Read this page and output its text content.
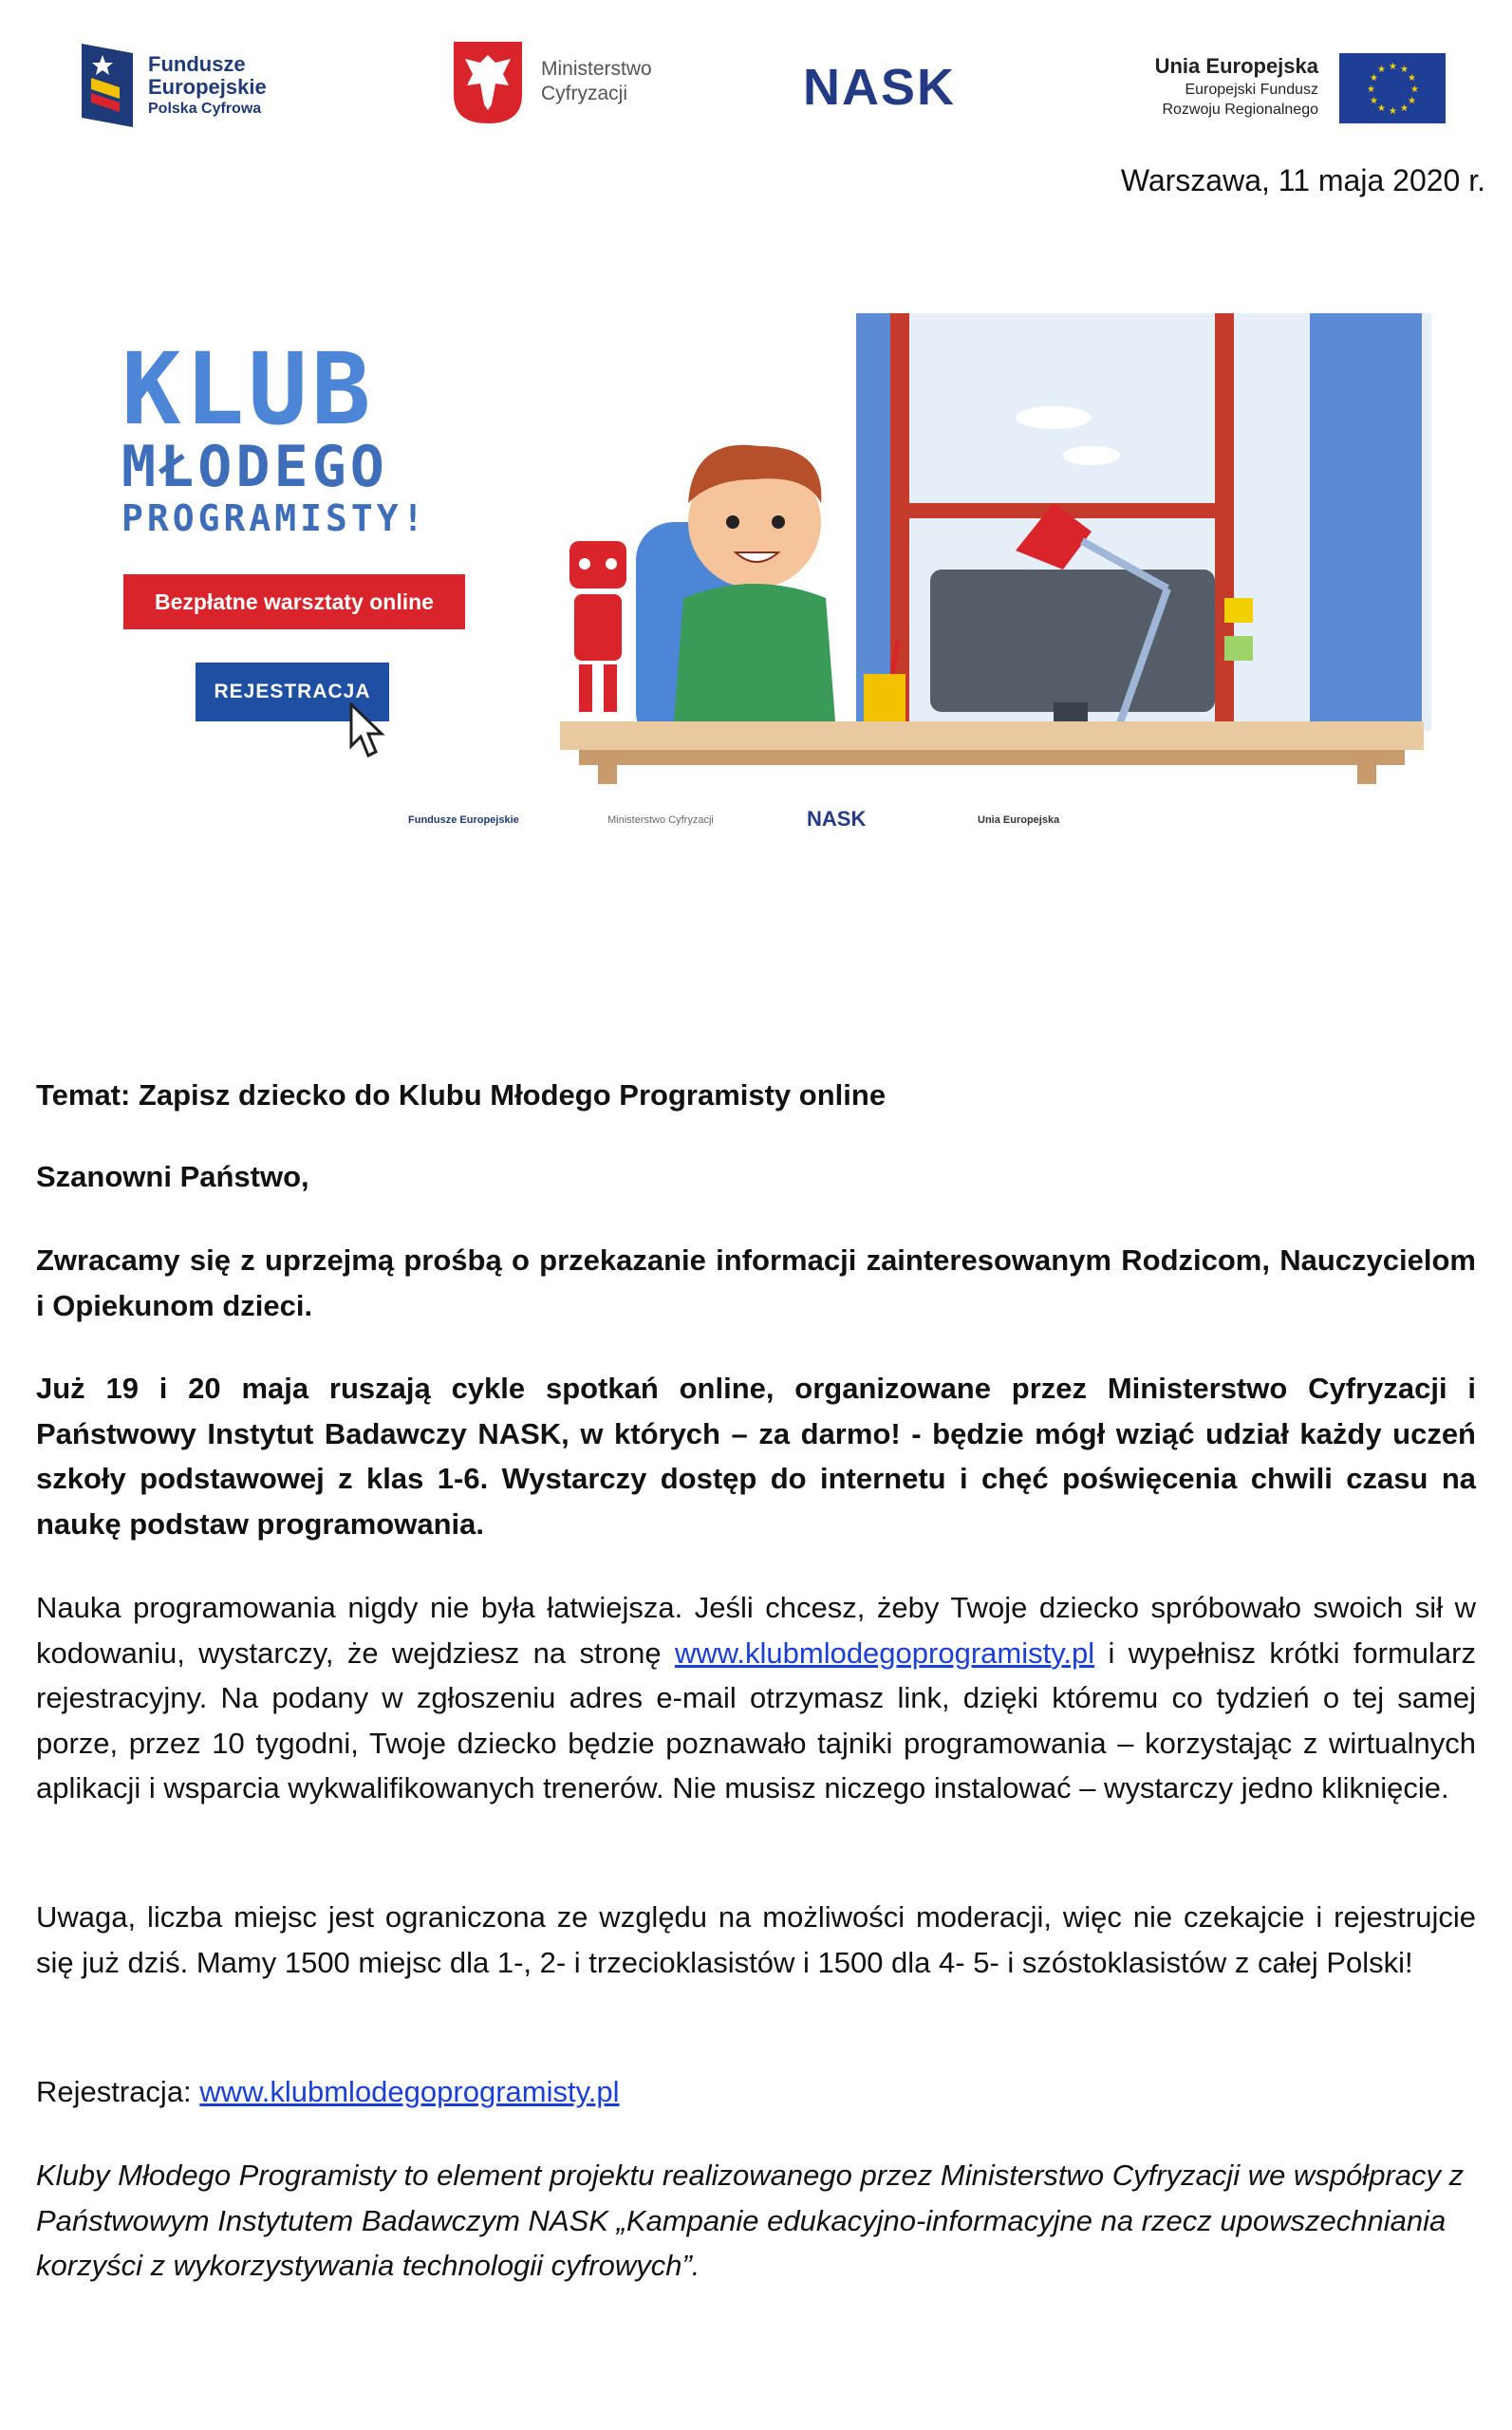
Fundusze
Europejskie
Polska Cyfrowa
Ministerstwo
Cyfryzacji	NASK	Unia Europejska
Europejski Fundusz
Rozwoju Regionalnego
★ ★
★
★
★
★
★
★
★
★
★
★
Warszawa, 11 maja 2020 r.
KLUB
MŁODEGO
PROGRAMISTY!
Bezpłatne warsztaty online
REJESTRACJA
Fundusze Europejskie	Ministerstwo Cyfryzacji	NASK	Unia Europejska
Temat: Zapisz dziecko do Klubu Młodego Programisty online
Szanowni Państwo,
Zwracamy się z uprzejmą prośbą o przekazanie informacji zainteresowanym Rodzicom, Nauczycielom i Opiekunom dzieci.
Już 19 i 20 maja ruszają cykle spotkań online, organizowane przez Ministerstwo Cyfryzacji i Państwowy Instytut Badawczy NASK, w których – za darmo! - będzie mógł wziąć udział każdy uczeń szkoły podstawowej z klas 1-6. Wystarczy dostęp do internetu i chęć poświęcenia chwili czasu na naukę podstaw programowania.
Nauka programowania nigdy nie była łatwiejsza. Jeśli chcesz, żeby Twoje dziecko spróbowało swoich sił w kodowaniu, wystarczy, że wejdziesz na stronę www.klubmlodegoprogramisty.pl i wypełnisz krótki formularz rejestracyjny. Na podany w zgłoszeniu adres e-mail otrzymasz link, dzięki któremu co tydzień o tej samej porze, przez 10 tygodni, Twoje dziecko będzie poznawało tajniki programowania – korzystając z wirtualnych aplikacji i wsparcia wykwalifikowanych trenerów. Nie musisz niczego instalować – wystarczy jedno kliknięcie.
Uwaga, liczba miejsc jest ograniczona ze względu na możliwości moderacji, więc nie czekajcie i rejestrujcie się już dziś. Mamy 1500 miejsc dla 1-, 2- i trzecioklasistów i 1500 dla 4- 5- i szóstoklasistów z całej Polski!
Rejestracja: www.klubmlodegoprogramisty.pl
Kluby Młodego Programisty to element projektu realizowanego przez Ministerstwo Cyfryzacji we współpracy z Państwowym Instytutem Badawczym NASK „Kampanie edukacyjno-informacyjne na rzecz upowszechniania korzyści z wykorzystywania technologii cyfrowych”.
